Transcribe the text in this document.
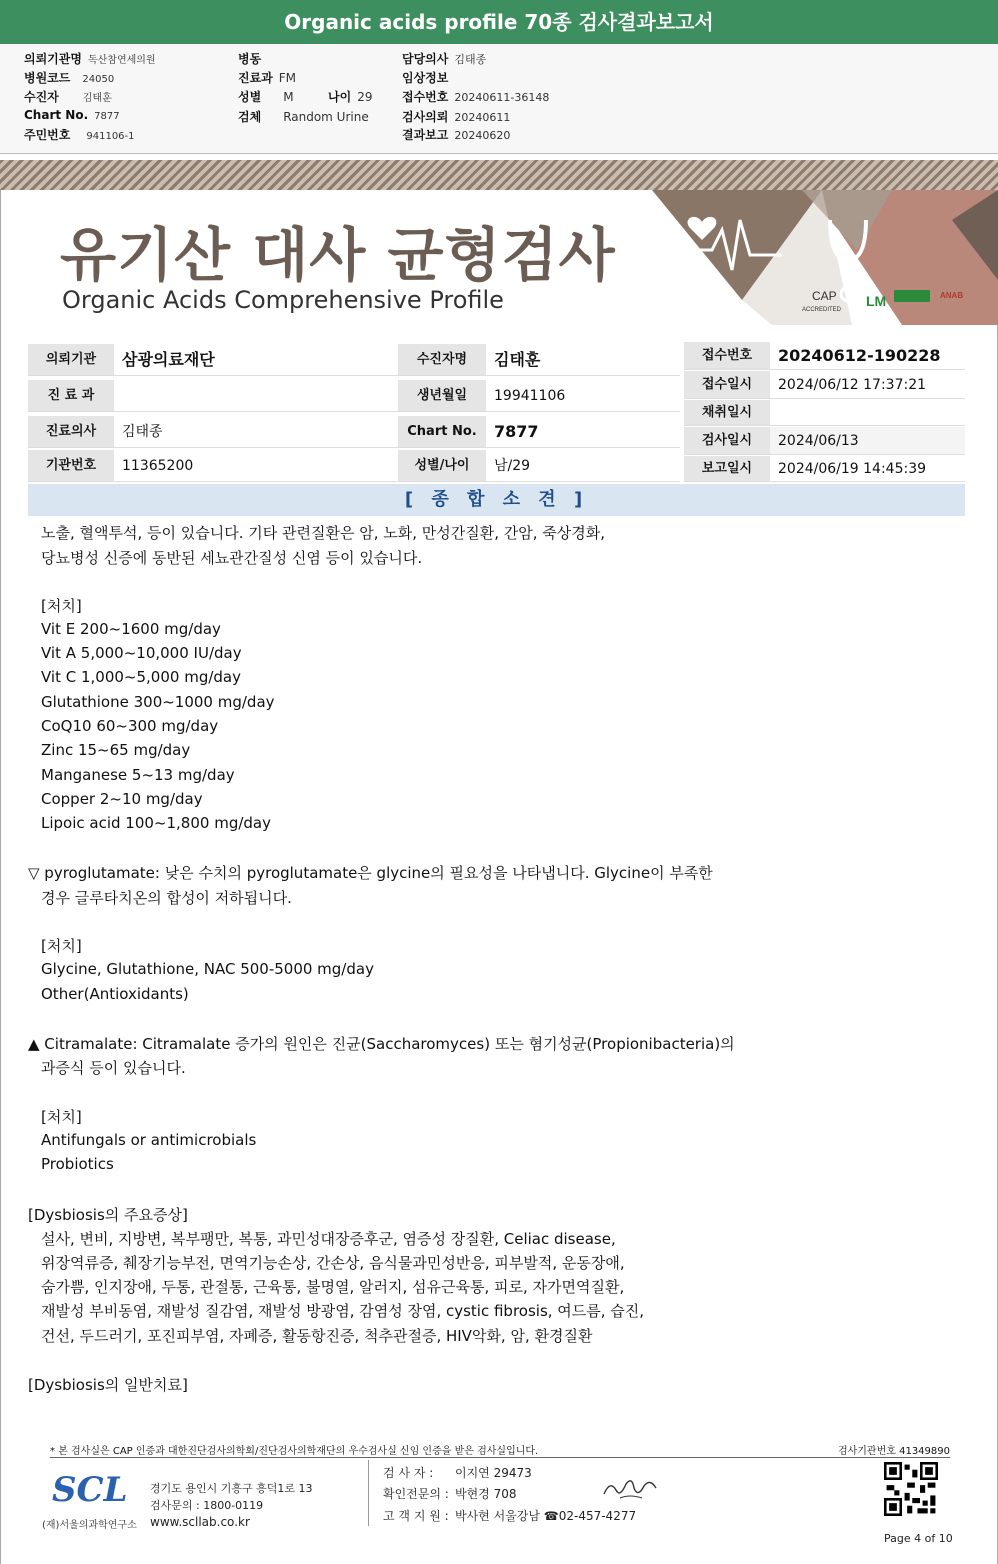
Organic acids profile 70종 검사결과보고서
의뢰기관명 독산참연세의원
병원코드 24050
수진자 김태훈
Chart No. 7877
주민번호 941106-1
병동
진료과 FM
성별 M	나이 29
검체 Random Urine
담당의사 김태종
임상정보
접수번호 20240611-36148
검사의뢰 20240611
결과보고 20240620
CAP
ACCREDITED
LM	ANAB
유기산 대사 균형검사
Organic Acids Comprehensive Profile
의뢰기관	삼광의료재단
진 료 과
진료의사	김태종
기관번호	11365200
수진자명	김태훈
생년월일	19941106
Chart No.	7877
성별/나이	남/29
접수번호	20240612-190228
접수일시	2024/06/12 17:37:21
채취일시
검사일시	2024/06/13
보고일시	2024/06/19 14:45:39
[ 종 합 소 견 ]
노출, 혈액투석, 등이 있습니다. 기타 관련질환은 암, 노화, 만성간질환, 간암, 죽상경화,
당뇨병성 신증에 동반된 세뇨관간질성 신염 등이 있습니다.
[처치]
Vit E 200~1600 mg/day
Vit A 5,000~10,000 IU/day
Vit C 1,000~5,000 mg/day
Glutathione 300~1000 mg/day
CoQ10 60~300 mg/day
Zinc 15~65 mg/day
Manganese 5~13 mg/day
Copper 2~10 mg/day
Lipoic acid 100~1,800 mg/day
▽ pyroglutamate: 낮은 수치의 pyroglutamate은 glycine의 필요성을 나타냅니다. Glycine이 부족한
경우 글루타치온의 합성이 저하됩니다.
[처치]
Glycine, Glutathione, NAC 500-5000 mg/day
Other(Antioxidants)
▲ Citramalate: Citramalate 증가의 원인은 진균(Saccharomyces) 또는 혐기성균(Propionibacteria)의
과증식 등이 있습니다.
[처치]
Antifungals or antimicrobials
Probiotics
[Dysbiosis의 주요증상]
설사, 변비, 지방변, 복부팽만, 복통, 과민성대장증후군, 염증성 장질환, Celiac disease,
위장역류증, 췌장기능부전, 면역기능손상, 간손상, 음식물과민성반응, 피부발적, 운동장애,
숨가쁨, 인지장애, 두통, 관절통, 근육통, 불명열, 알러지, 섬유근육통, 피로, 자가면역질환,
재발성 부비동염, 재발성 질감염, 재발성 방광염, 감염성 장염, cystic fibrosis, 여드름, 습진,
건선, 두드러기, 포진피부염, 자폐증, 활동항진증, 척추관절증, HIV악화, 암, 환경질환
[Dysbiosis의 일반치료]
* 본 검사실은 CAP 인증과 대한진단검사의학회/진단검사의학재단의 우수검사실 신임 인증을 받은 검사실입니다.	검사기관번호 41349890
SCL
(재)서울의과학연구소
경기도 용인시 기흥구 흥덕1로 13
검사문의 : 1800-0119
www.scllab.co.kr
검 사 자 : 이지연 29473
확인전문의 : 박현경 708
고 객 지 원 : 박사현 서울강남 ☎02-457-4277
Page 4 of 10
